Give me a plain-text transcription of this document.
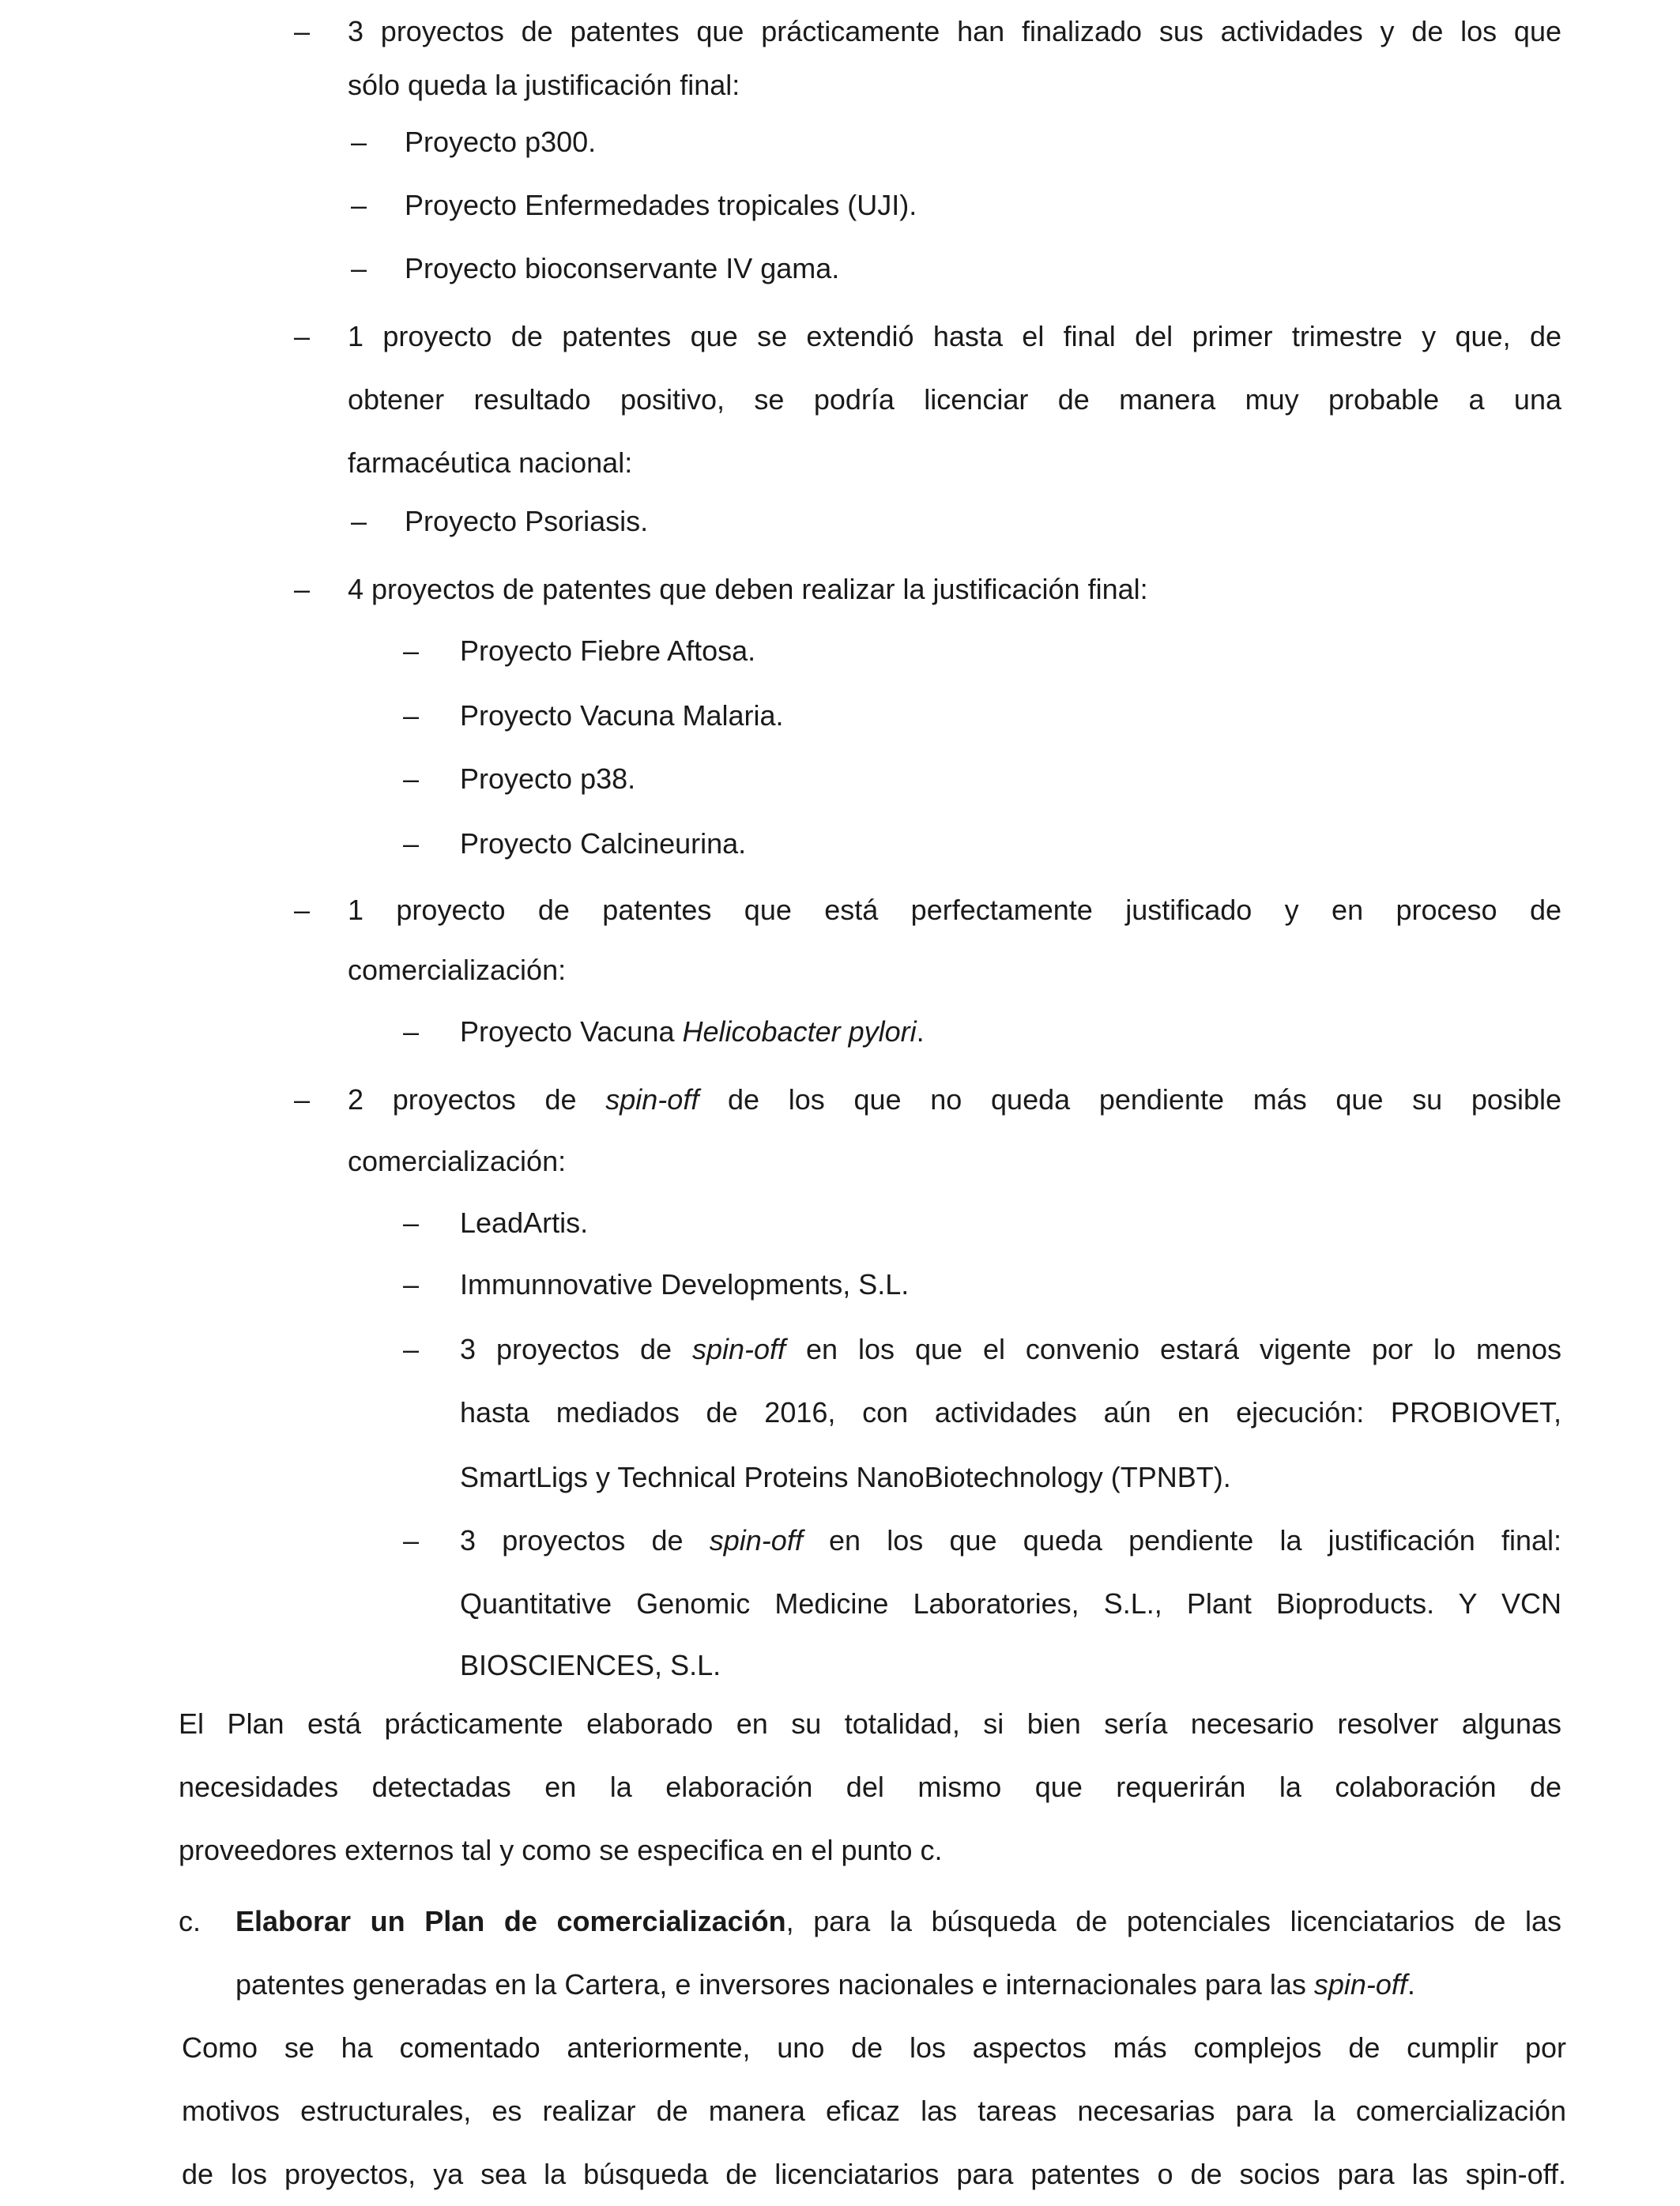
– 3 proyectos de patentes que prácticamente han finalizado sus actividades y de los que
sólo queda la justificación final:
– Proyecto p300.
– Proyecto Enfermedades tropicales (UJI).
– Proyecto bioconservante IV gama.
– 1 proyecto de patentes que se extendió hasta el final del primer trimestre y que, de
obtener resultado positivo, se podría licenciar de manera muy probable a una
farmacéutica nacional:
– Proyecto Psoriasis.
– 4 proyectos de patentes que deben realizar la justificación final:
– Proyecto Fiebre Aftosa.
– Proyecto Vacuna Malaria.
– Proyecto p38.
– Proyecto Calcineurina.
– 1 proyecto de patentes que está perfectamente justificado y en proceso de
comercialización:
– Proyecto Vacuna Helicobacter pylori.
– 2 proyectos de spin-off de los que no queda pendiente más que su posible
comercialización:
– LeadArtis.
– Immunnovative Developments, S.L.
– 3 proyectos de spin-off en los que el convenio estará vigente por lo menos
hasta mediados de 2016, con actividades aún en ejecución: PROBIOVET,
SmartLigs y Technical Proteins NanoBiotechnology (TPNBT).
– 3 proyectos de spin-off en los que queda pendiente la justificación final:
Quantitative Genomic Medicine Laboratories, S.L., Plant Bioproducts. Y VCN
BIOSCIENCES, S.L.
El Plan está prácticamente elaborado en su totalidad, si bien sería necesario resolver algunas
necesidades detectadas en la elaboración del mismo que requerirán la colaboración de
proveedores externos tal y como se especifica en el punto c.
c. Elaborar un Plan de comercialización, para la búsqueda de potenciales licenciatarios de las
patentes generadas en la Cartera, e inversores nacionales e internacionales para las spin-off.
Como se ha comentado anteriormente, uno de los aspectos más complejos de cumplir por
motivos estructurales, es realizar de manera eficaz las tareas necesarias para la comercialización
de los proyectos, ya sea la búsqueda de licenciatarios para patentes o de socios para las spin-off.
